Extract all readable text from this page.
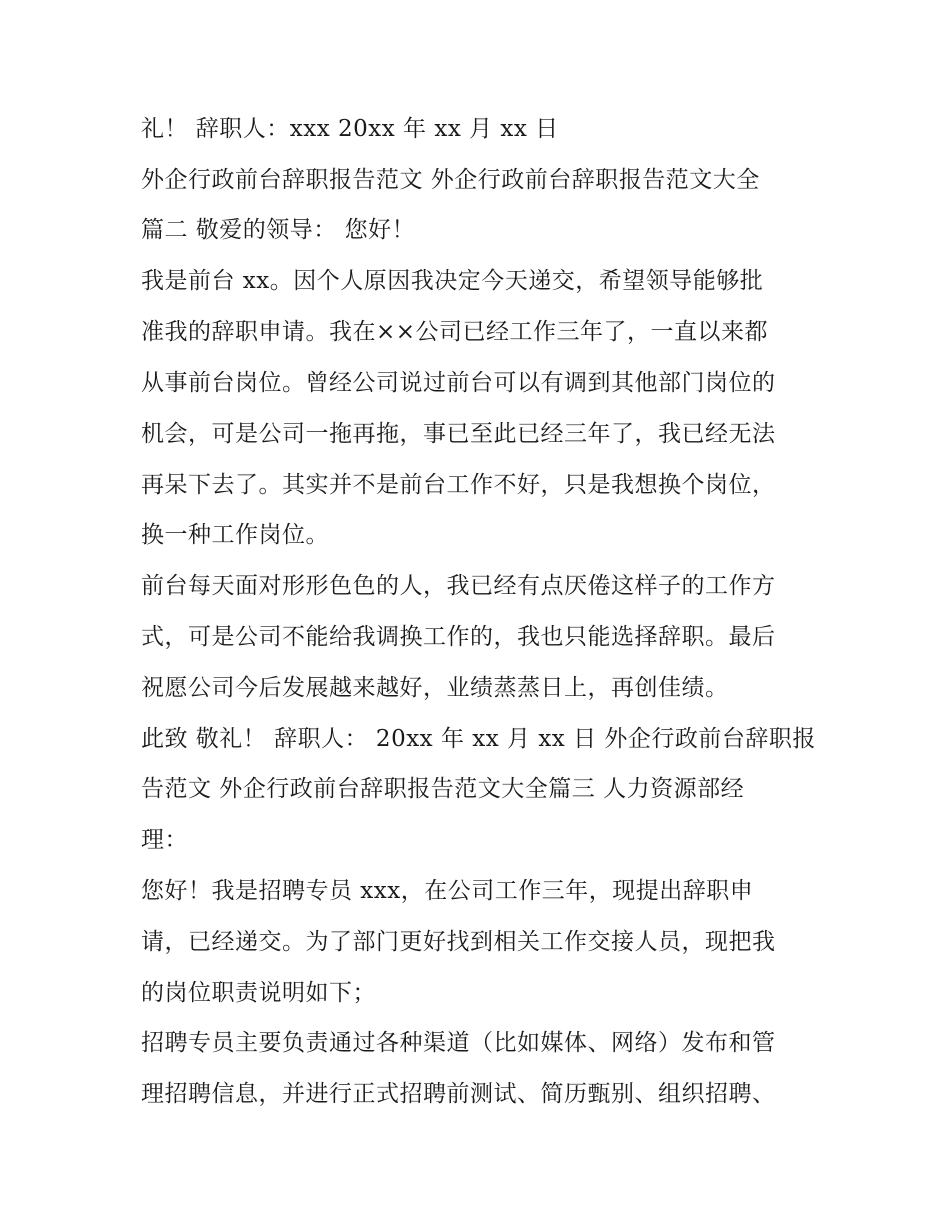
礼！ 辞职人：xxx 20xx 年 xx 月 xx 日

外企行政前台辞职报告范文 外企行政前台辞职报告范文大全

篇二 敬爱的领导： 您好！

我是前台 xx。因个人原因我决定今天递交，希望领导能够批

准我的辞职申请。我在××公司已经工作三年了，一直以来都

从事前台岗位。曾经公司说过前台可以有调到其他部门岗位的

机会，可是公司一拖再拖，事已至此已经三年了，我已经无法

再呆下去了。其实并不是前台工作不好，只是我想换个岗位，

换一种工作岗位。

前台每天面对形形色色的人，我已经有点厌倦这样子的工作方

式，可是公司不能给我调换工作的，我也只能选择辞职。最后

祝愿公司今后发展越来越好，业绩蒸蒸日上，再创佳绩。

此致 敬礼！ 辞职人： 20xx 年 xx 月 xx 日 外企行政前台辞职报

告范文 外企行政前台辞职报告范文大全篇三 人力资源部经

理：

您好！我是招聘专员 xxx，在公司工作三年，现提出辞职申

请，已经递交。为了部门更好找到相关工作交接人员，现把我

的岗位职责说明如下；

招聘专员主要负责通过各种渠道（比如媒体、网络）发布和管

理招聘信息，并进行正式招聘前测试、简历甄别、组织招聘、
